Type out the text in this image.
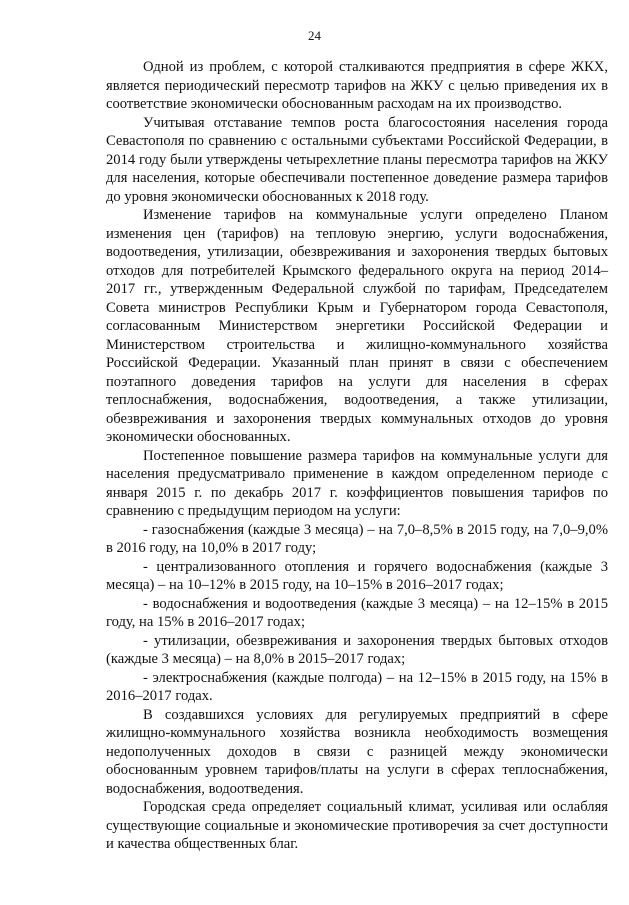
24

Одной из проблем, с которой сталкиваются предприятия в сфере ЖКХ, является периодический пересмотр тарифов на ЖКУ с целью приведения их в соответствие экономически обоснованным расходам на их производство.

Учитывая отставание темпов роста благосостояния населения города Севастополя по сравнению с остальными субъектами Российской Федерации, в 2014 году были утверждены четырехлетние планы пересмотра тарифов на ЖКУ для населения, которые обеспечивали постепенное доведение размера тарифов до уровня экономически обоснованных к 2018 году.

Изменение тарифов на коммунальные услуги определено Планом изменения цен (тарифов) на тепловую энергию, услуги водоснабжения, водоотведения, утилизации, обезвреживания и захоронения твердых бытовых отходов для потребителей Крымского федерального округа на период 2014–2017 гг., утвержденным Федеральной службой по тарифам, Председателем Совета министров Республики Крым и Губернатором города Севастополя, согласованным Министерством энергетики Российской Федерации и Министерством строительства и жилищно-коммунального хозяйства Российской Федерации. Указанный план принят в связи с обеспечением поэтапного доведения тарифов на услуги для населения в сферах теплоснабжения, водоснабжения, водоотведения, а также утилизации, обезвреживания и захоронения твердых коммунальных отходов до уровня экономически обоснованных.

Постепенное повышение размера тарифов на коммунальные услуги для населения предусматривало применение в каждом определенном периоде с января 2015 г. по декабрь 2017 г. коэффициентов повышения тарифов по сравнению с предыдущим периодом на услуги:

- газоснабжения (каждые 3 месяца) – на 7,0–8,5% в 2015 году, на 7,0–9,0% в 2016 году, на 10,0% в 2017 году;

- централизованного отопления и горячего водоснабжения (каждые 3 месяца) – на 10–12% в 2015 году, на 10–15% в 2016–2017 годах;

- водоснабжения и водоотведения (каждые 3 месяца) – на 12–15% в 2015 году, на 15% в 2016–2017 годах;

- утилизации, обезвреживания и захоронения твердых бытовых отходов (каждые 3 месяца) – на 8,0% в 2015–2017 годах;

- электроснабжения (каждые полгода) – на 12–15% в 2015 году, на 15% в 2016–2017 годах.

В создавшихся условиях для регулируемых предприятий в сфере жилищно-коммунального хозяйства возникла необходимость возмещения недополученных доходов в связи с разницей между экономически обоснованным уровнем тарифов/платы на услуги в сферах теплоснабжения, водоснабжения, водоотведения.

Городская среда определяет социальный климат, усиливая или ослабляя существующие социальные и экономические противоречия за счет доступности и качества общественных благ.
